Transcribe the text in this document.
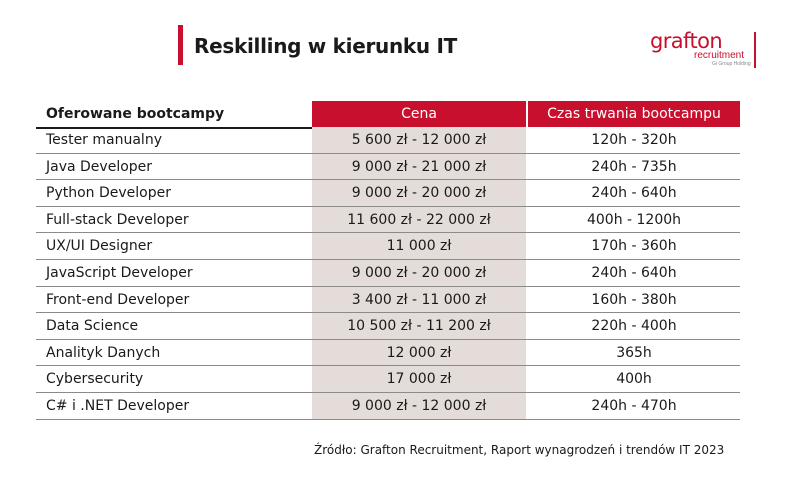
Reskilling w kierunku IT	grafton
recruitment
Gi Group Holding
Oferowane bootcampy	Cena	Czas trwania bootcampu
Tester manualny	5 600 zł - 12 000 zł	120h - 320h
Java Developer	9 000 zł - 21 000 zł	240h - 735h
Python Developer	9 000 zł - 20 000 zł	240h - 640h
Full-stack Developer	11 600 zł - 22 000 zł	400h - 1200h
UX/UI Designer	11 000 zł	170h - 360h
JavaScript Developer	9 000 zł - 20 000 zł	240h - 640h
Front-end Developer	3 400 zł - 11 000 zł	160h - 380h
Data Science	10 500 zł - 11 200 zł	220h - 400h
Analityk Danych	12 000 zł	365h
Cybersecurity	17 000 zł	400h
C# i .NET Developer	9 000 zł - 12 000 zł	240h - 470h
Źródło: Grafton Recruitment, Raport wynagrodzeń i trendów IT 2023
